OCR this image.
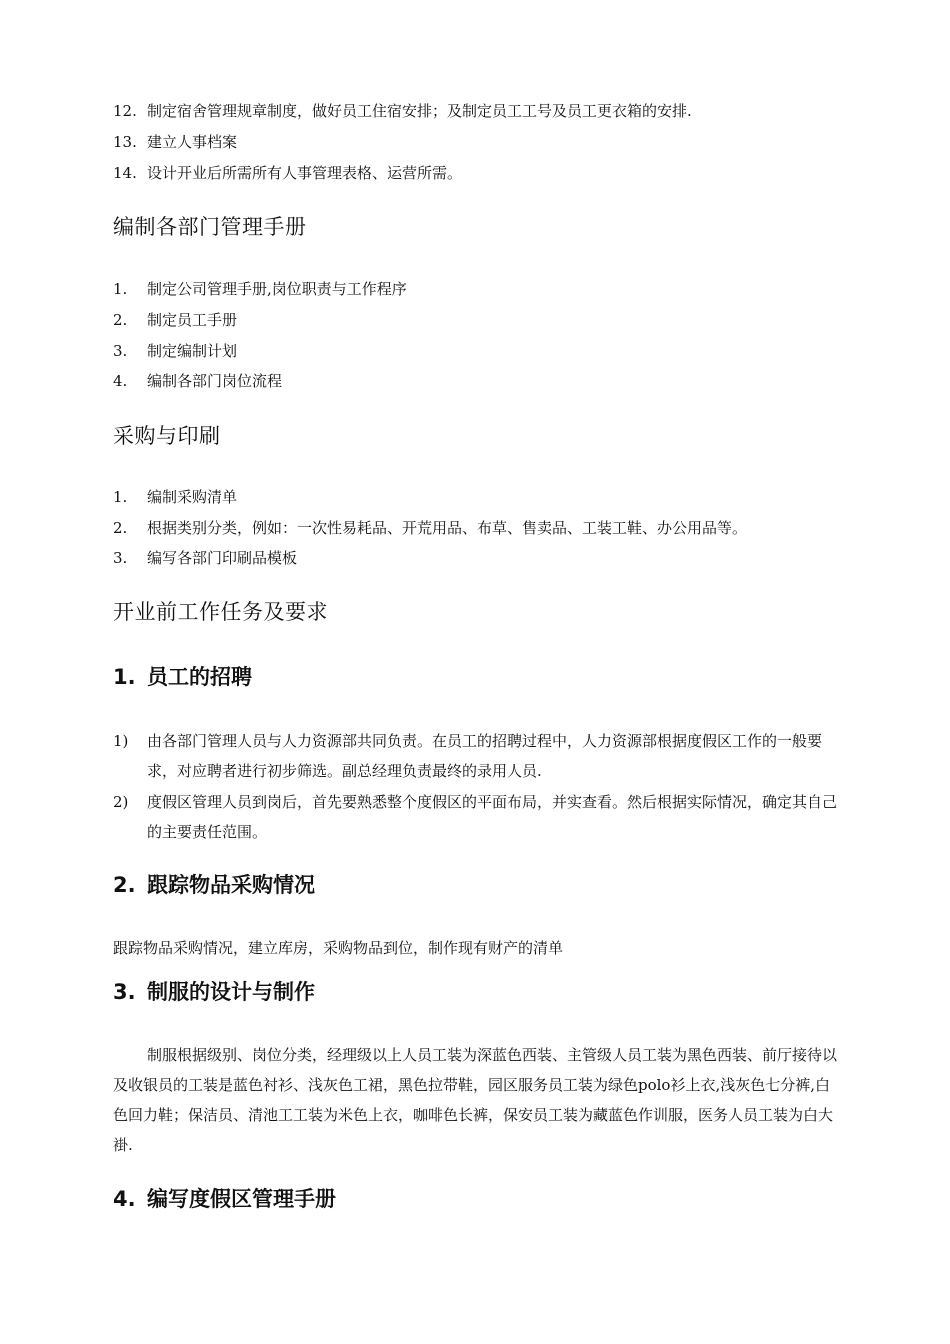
12. 制定宿舍管理规章制度，做好员工住宿安排；及制定员工工号及员工更衣箱的安排.
13. 建立人事档案
14. 设计开业后所需所有人事管理表格、运营所需。
编制各部门管理手册
1.	制定公司管理手册,岗位职责与工作程序
2.	制定员工手册
3.	制定编制计划
4.	编制各部门岗位流程
采购与印刷
1.	编制采购清单
2.	根据类别分类，例如：一次性易耗品、开荒用品、布草、售卖品、工装工鞋、办公用品等。
3.	编写各部门印刷品模板
开业前工作任务及要求
1. 员工的招聘
1)	由各部门管理人员与人力资源部共同负责。在员工的招聘过程中，人力资源部根据度假区工作的一般要求，对应聘者进行初步筛选。副总经理负责最终的录用人员.
2)	度假区管理人员到岗后，首先要熟悉整个度假区的平面布局，并实查看。然后根据实际情况，确定其自己的主要责任范围。
2. 跟踪物品采购情况

跟踪物品采购情况，建立库房，采购物品到位，制作现有财产的清单

3. 制服的设计与制作

制服根据级别、岗位分类，经理级以上人员工装为深蓝色西装、主管级人员工装为黑色西装、前厅接待以及收银员的工装是蓝色衬衫、浅灰色工裙，黑色拉带鞋，园区服务员工装为绿色polo衫上衣,浅灰色七分裤,白色回力鞋；保洁员、清池工工装为米色上衣，咖啡色长裤，保安员工装为藏蓝色作训服，医务人员工装为白大褂.

4. 编写度假区管理手册
